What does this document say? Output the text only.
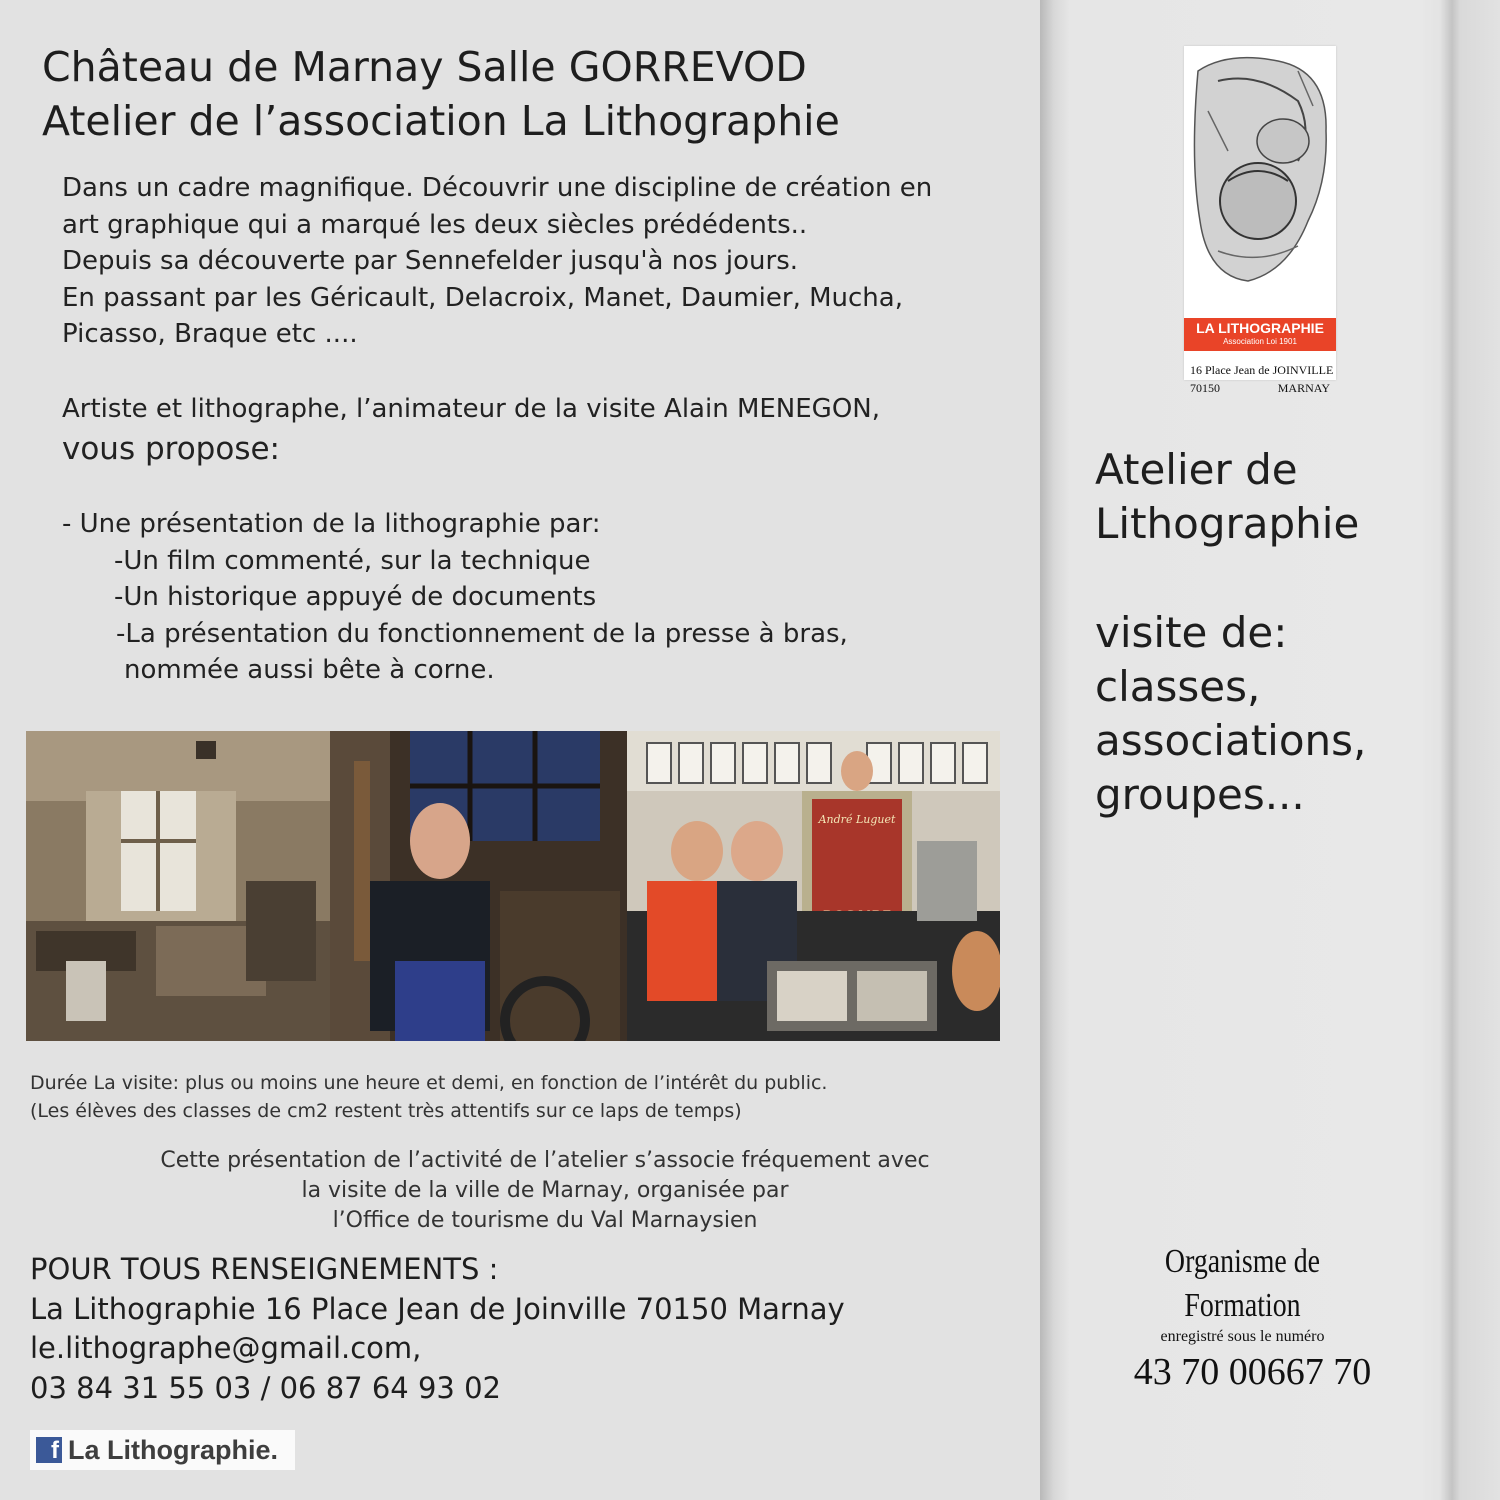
Château de Marnay Salle GORREVOD
Atelier de l’association La Lithographie
Dans un cadre magnifique. Découvrir une discipline de création en
art graphique qui a marqué les deux siècles prédédents..
Depuis sa découverte par Sennefelder jusqu'à nos jours.
En passant par les Géricault, Delacroix, Manet, Daumier, Mucha,
Picasso, Braque etc ....
Artiste et lithographe, l’animateur de la visite Alain MENEGON,
vous propose:
- Une présentation de la lithographie par:
-Un film commenté, sur la technique
-Un historique appuyé de documents
-La présentation du fonctionnement de la presse à bras,
nommée aussi bête à corne.
André Luguet
Durée La visite: plus ou moins une heure et demi, en fonction de l’intérêt du public.
(Les élèves des classes de cm2 restent très attentifs sur ce laps de temps)
Cette présentation de l’activité de l’atelier s’associe fréquement avec
la visite de la ville de Marnay, organisée par
l’Office de tourisme du Val Marnaysien
POUR TOUS RENSEIGNEMENTS :
La Lithographie 16 Place Jean de Joinville 70150 Marnay
le.lithographe@gmail.com,
03 84 31 55 03 / 06 87 64 93 02
f La Lithographie.
LA LITHOGRAPHIE
Association Loi 1901
16 Place Jean de JOINVILLE
70150	MARNAY
Atelier de
Lithographie
visite de:
classes,
associations,
groupes...
Organisme de Formation
enregistré sous le numéro
43 70 00667 70
